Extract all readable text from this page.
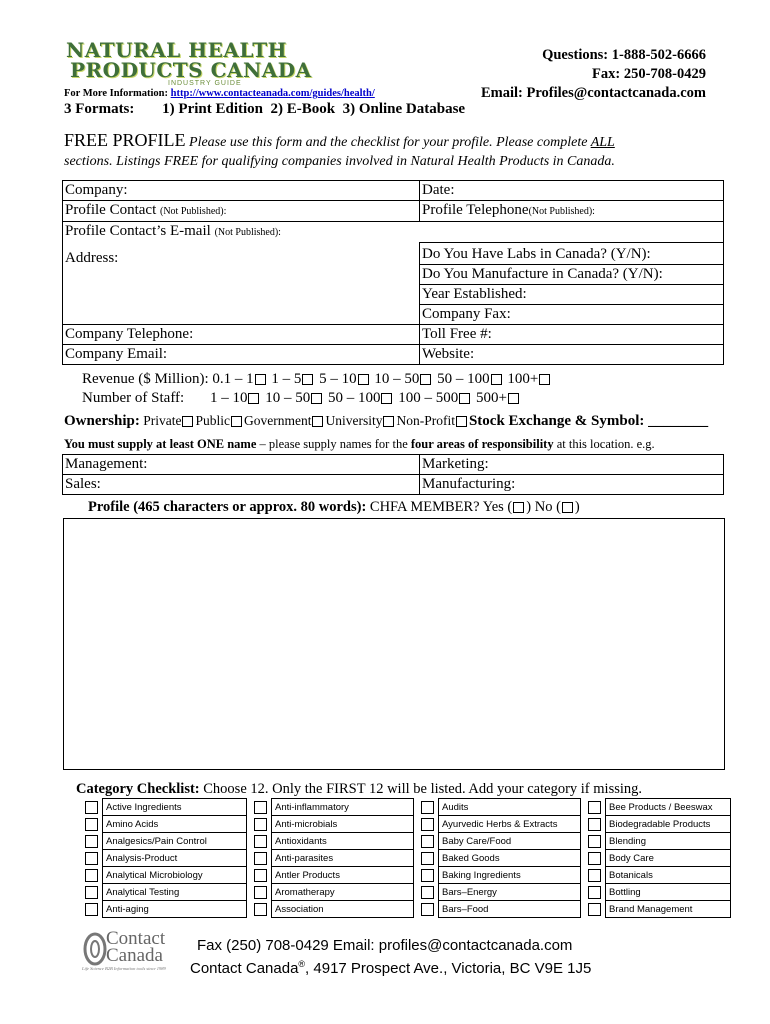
NATURAL HEALTH
PRODUCTS CANADA
INDUSTRY GUIDE
Questions: 1-888-502-6666
Fax: 250-708-0429
Email: Profiles@contactcanada.com
For More Information: http://www.contacteanada.com/guides/health/
3 Formats: 1) Print Edition  2) E-Book  3) Online Database
FREE PROFILE Please use this form and the checklist for your profile. Please complete ALL
sections. Listings FREE for qualifying companies involved in Natural Health Products in Canada.
Company:	Date:
Profile Contact (Not Published):	Profile Telephone(Not Published):
Profile Contact’s E-mail (Not Published):	
Address:	Do You Have Labs in Canada? (Y/N):
	Do You Manufacture in Canada? (Y/N):
	Year Established:
	Company Fax:
Company Telephone:	Toll Free #:
Company Email:	Website:
Revenue ($ Million): 0.1 – 1 1 – 5 5 – 10 10 – 50 50 – 100 100+
Number of Staff: 1 – 10 10 – 50 50 – 100 100 – 500 500+
Ownership: Private Public Government University Non-Profit Stock Exchange & Symbol: ________
You must supply at least ONE name – please supply names for the four areas of responsibility at this location. e.g.
Management:	Marketing:
Sales:	Manufacturing:
Profile (465 characters or approx. 80 words): CHFA MEMBER? Yes ( ) No ( )
Category Checklist: Choose 12. Only the FIRST 12 will be listed. Add your category if missing.
	Active Ingredients			Anti-inflammatory			Audits			Bee Products / Beeswax
	Amino Acids			Anti-microbials			Ayurvedic Herbs & Extracts			Biodegradable Products
	Analgesics/Pain Control			Antioxidants			Baby Care/Food			Blending
	Analysis-Product			Anti-parasites			Baked Goods			Body Care
	Analytical Microbiology			Antler Products			Baking Ingredients			Botanicals
	Analytical Testing			Aromatherapy			Bars–Energy			Bottling
	Anti-aging			Association			Bars–Food			Brand Management
Contact
Canada
Life Science B2B Information tools since 1989
Fax (250) 708-0429 Email: profiles@contactcanada.com
Contact Canada®, 4917 Prospect Ave., Victoria, BC V9E 1J5
